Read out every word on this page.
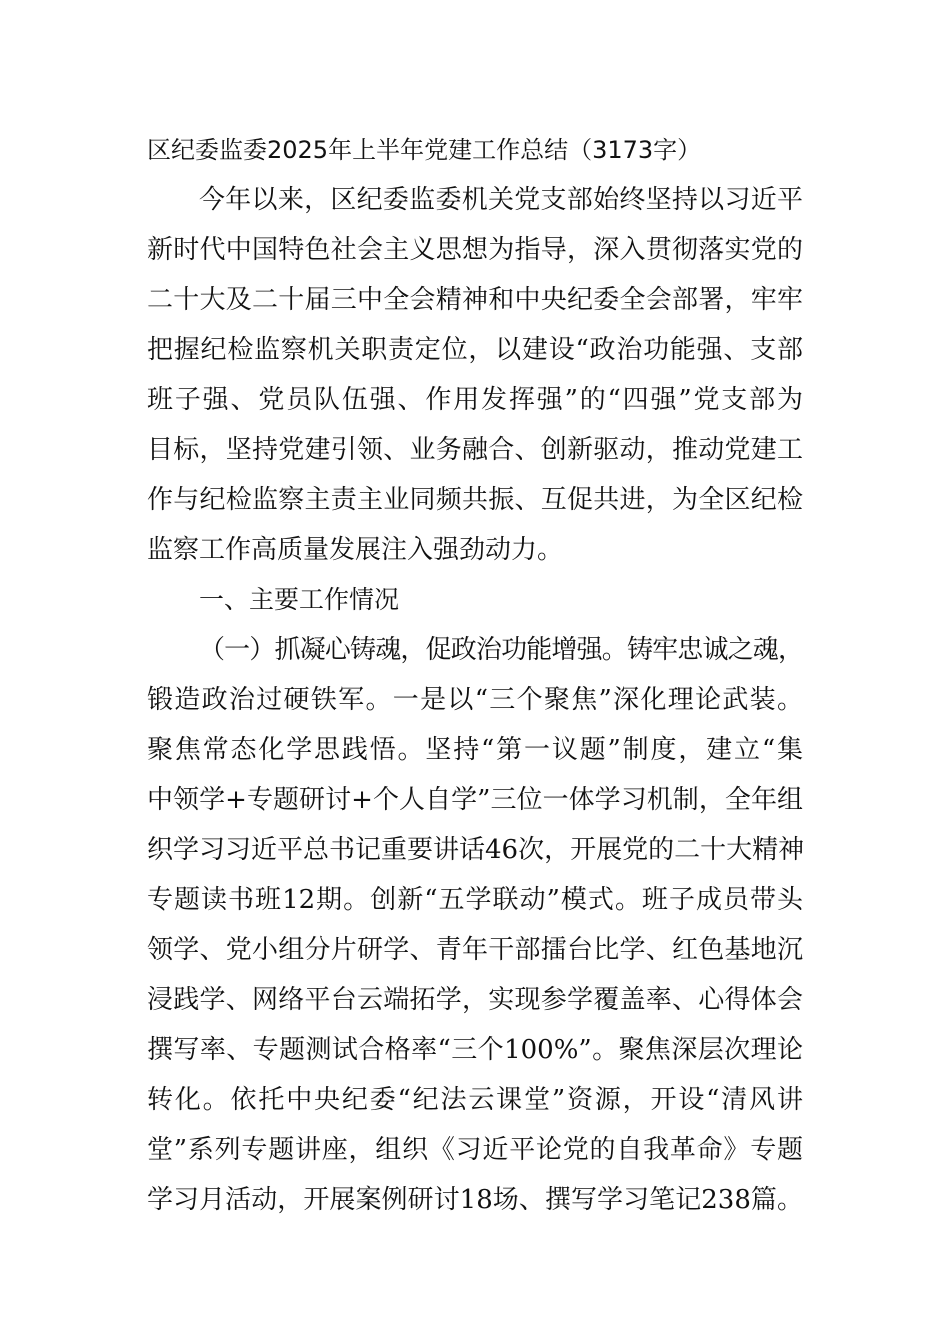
区纪委监委2025年上半年党建工作总结（3173字）
今年以来，区纪委监委机关党支部始终坚持以习近平
新时代中国特色社会主义思想为指导，深入贯彻落实党的
二十大及二十届三中全会精神和中央纪委全会部署，牢牢
把握纪检监察机关职责定位，以建设“政治功能强、支部
班子强、党员队伍强、作用发挥强”的“四强”党支部为
目标，坚持党建引领、业务融合、创新驱动，推动党建工
作与纪检监察主责主业同频共振、互促共进，为全区纪检
监察工作高质量发展注入强劲动力。
一、主要工作情况
（一）抓凝心铸魂，促政治功能增强。铸牢忠诚之魂，
锻造政治过硬铁军。一是以“三个聚焦”深化理论武装。
聚焦常态化学思践悟。坚持“第一议题”制度，建立“集
中领学+专题研讨+个人自学”三位一体学习机制，全年组
织学习习近平总书记重要讲话46次，开展党的二十大精神
专题读书班12期。创新“五学联动”模式。班子成员带头
领学、党小组分片研学、青年干部擂台比学、红色基地沉
浸践学、网络平台云端拓学，实现参学覆盖率、心得体会
撰写率、专题测试合格率“三个100%”。聚焦深层次理论
转化。依托中央纪委“纪法云课堂”资源，开设“清风讲
堂”系列专题讲座，组织《习近平论党的自我革命》专题
学习月活动，开展案例研讨18场、撰写学习笔记238篇。
